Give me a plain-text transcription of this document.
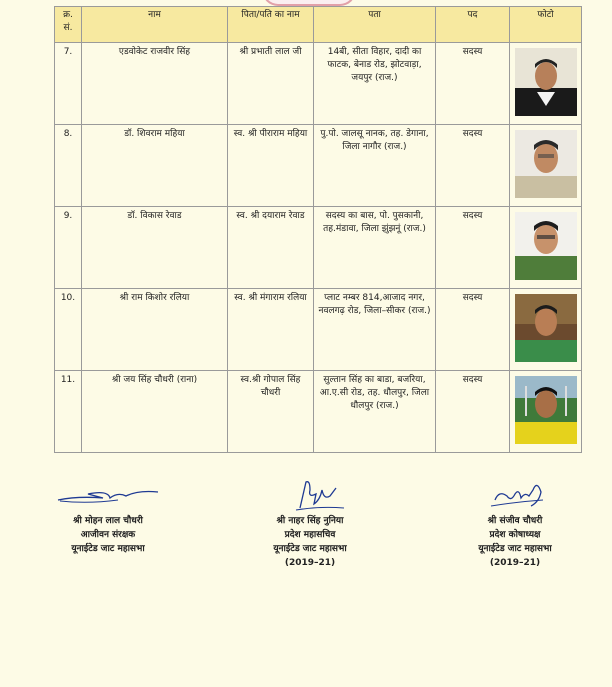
क्र. सं.	नाम	पिता/पति का नाम	पता	पद	फोटो
7.	एडवोकेट राजवीर सिंह	श्री प्रभाती लाल जी	14बी, सीता विहार, दादी का फाटक, बेनाड रोड, झोटवाड़ा, जयपुर (राज.)	सदस्य	

8.	डॉ. शिवराम महिया	स्व. श्री पीराराम महिया	पु.पो. जालसू नानक, तह. डेगाना, जिला नागौर (राज.)	सदस्य	

9.	डॉ. विकास रेवाड	स्व. श्री दयाराम रेवाड	सदस्य का बास, पो. पुसकानी, तह.मंडावा, जिला झुंझनूं (राज.)	सदस्य	

10.	श्री राम किशोर रलिया	स्व. श्री मंगाराम रलिया	प्लाट नम्बर 814,आजाद नगर, नवलगढ़ रोड, जिला–सीकर (राज.)	सदस्य	

11.	श्री जय सिंह चौधरी (राना)	स्व.श्री गोपाल सिंह चौधरी	सुल्तान सिंह का बाडा, बजरिया, आ.ए.सी रोड, तह. धौलपुर, जिला धौलपुर (राज.)	सदस्य	
श्री मोहन लाल चौधरी
आजीवन संरक्षक
यूनाईटेड जाट महासभा
श्री नाहर सिंह नुनिया
प्रदेश महासचिव
यूनाईटेड जाट महासभा
(2019–21)
श्री संजीव चौधरी
प्रदेश कोषाध्यक्ष
यूनाईटेड जाट महासभा
(2019–21)
